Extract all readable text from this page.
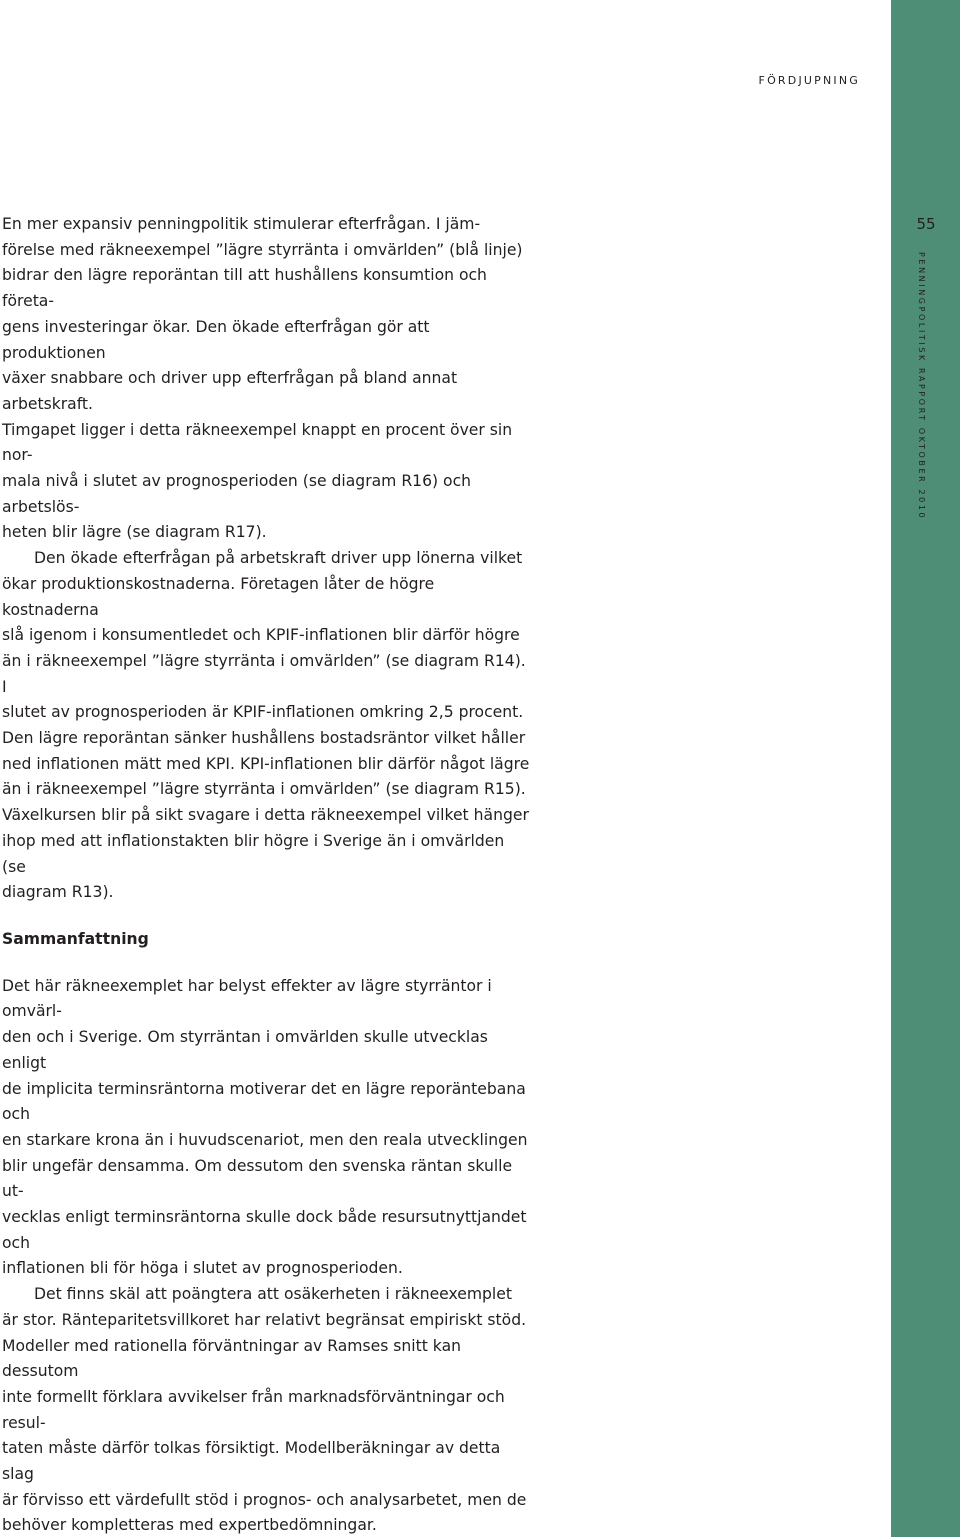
FÖRDJUPNING
55
PENNINGPOLITISK RAPPORT OKTOBER 2010

En mer expansiv penningpolitik stimulerar efterfrågan. I jäm-
förelse med räkneexempel ”lägre styrränta i omvärlden” (blå linje)
bidrar den lägre reporäntan till att hushållens konsumtion och företa-
gens investeringar ökar. Den ökade efterfrågan gör att produktionen
växer snabbare och driver upp efterfrågan på bland annat arbetskraft.
Timgapet ligger i detta räkneexempel knappt en procent över sin nor-
mala nivå i slutet av prognosperioden (se diagram R16) och arbetslös-
heten blir lägre (se diagram R17).

Den ökade efterfrågan på arbetskraft driver upp lönerna vilket
ökar produktionskostnaderna. Företagen låter de högre kostnaderna
slå igenom i konsumentledet och KPIF-inflationen blir därför högre
än i räkneexempel ”lägre styrränta i omvärlden” (se diagram R14). I
slutet av prognosperioden är KPIF-inflationen omkring 2,5 procent.
Den lägre reporäntan sänker hushållens bostadsräntor vilket håller
ned inflationen mätt med KPI. KPI-inflationen blir därför något lägre
än i räkneexempel ”lägre styrränta i omvärlden” (se diagram R15).
Växelkursen blir på sikt svagare i detta räkneexempel vilket hänger
ihop med att inflationstakten blir högre i Sverige än i omvärlden (se
diagram R13).

Sammanfattning

Det här räkneexemplet har belyst effekter av lägre styrräntor i omvärl-
den och i Sverige. Om styrräntan i omvärlden skulle utvecklas enligt
de implicita terminsräntorna motiverar det en lägre reporäntebana och
en starkare krona än i huvudscenariot, men den reala utvecklingen
blir ungefär densamma. Om dessutom den svenska räntan skulle ut-
vecklas enligt terminsräntorna skulle dock både resursutnyttjandet och
inflationen bli för höga i slutet av prognosperioden.

Det finns skäl att poängtera att osäkerheten i räkneexemplet
är stor. Ränteparitetsvillkoret har relativt begränsat empiriskt stöd.
Modeller med rationella förväntningar av Ramses snitt kan dessutom
inte formellt förklara avvikelser från marknadsförväntningar och resul-
taten måste därför tolkas försiktigt. Modellberäkningar av detta slag
är förvisso ett värdefullt stöd i prognos- och analysarbetet, men de
behöver kompletteras med expertbedömningar.
